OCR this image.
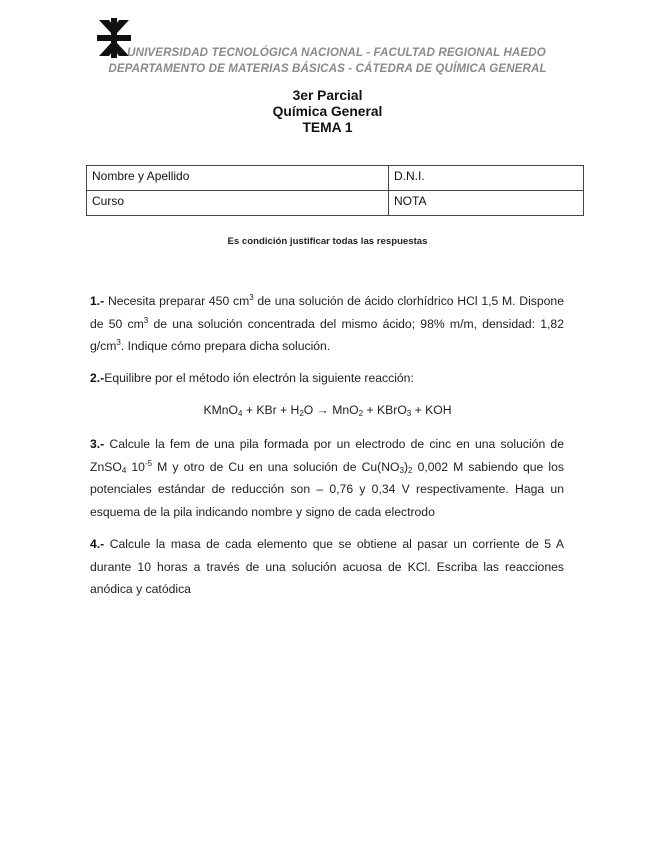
UNIVERSIDAD TECNOLÓGICA NACIONAL - FACULTAD REGIONAL HAEDO
DEPARTAMENTO DE MATERIAS BÁSICAS - CÁTEDRA DE QUÍMICA GENERAL
3er Parcial
Química General
TEMA 1
Nombre y Apellido	D.N.I.
Curso	NOTA
Es condición justificar todas las respuestas
1.- Necesita preparar 450 $cm^3$ de una solución de ácido clorhídrico HCl 1,5 M. Dispone de 50 $cm^3$ de una solución concentrada del mismo ácido; 98% m/m, densidad: 1,82 $g/cm^3$. Indique cómo prepara dicha solución.
2.-Equilibre por el método ión electrón la siguiente reacción:
KMnO$_4$ + KBr + $H_2O \to MnO_2$ + KBrO$_3$ + KOH
3.- Calcule la fem de una pila formada por un electrodo de cinc en una solución de ZnSO$_4$ $10^{-5}$ M y otro de Cu en una solución de $Cu(NO_3)_2$ 0,002 M sabiendo que los potenciales estándar de reducción son – 0,76 y 0,34 V respectivamente. Haga un esquema de la pila indicando nombre y signo de cada electrodo
4.- Calcule la masa de cada elemento que se obtiene al pasar un corriente de 5 A durante 10 horas a través de una solución acuosa de KCl. Escriba las reacciones anódica y catódica
